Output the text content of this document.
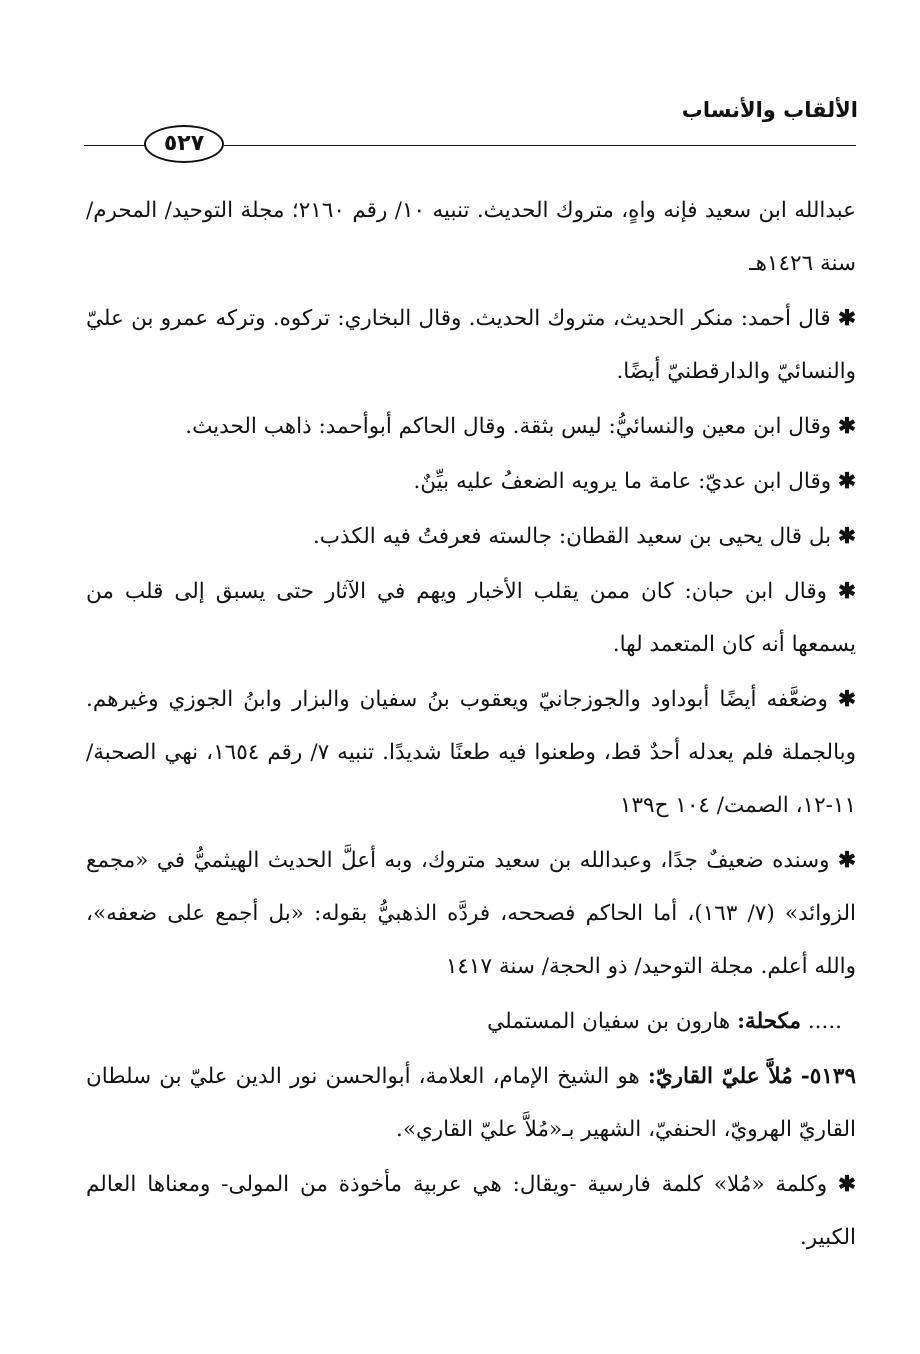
الألقاب والأنساب
٥٢٧

عبدالله ابن سعيد فإنه واهٍ، متروك الحديث. تنبيه ١٠/ رقم ٢١٦٠؛ مجلة التوحيد/ المحرم/ سنة ١٤٢٦هـ

✱ قال أحمد: منكر الحديث، متروك الحديث. وقال البخاري: تركوه. وتركه عمرو بن عليّ والنسائيّ والدارقطنيّ أيضًا.

✱ وقال ابن معين والنسائيُّ: ليس بثقة. وقال الحاكم أبوأحمد: ذاهب الحديث.

✱ وقال ابن عديّ: عامة ما يرويه الضعفُ عليه بيِّنٌ.

✱ بل قال يحيى بن سعيد القطان: جالسته فعرفتُ فيه الكذب.

✱ وقال ابن حبان: كان ممن يقلب الأخبار ويهم في الآثار حتى يسبق إلى قلب من يسمعها أنه كان المتعمد لها.

✱ وضعَّفه أيضًا أبوداود والجوزجانيّ ويعقوب بنُ سفيان والبزار وابنُ الجوزي وغيرهم. وبالجملة فلم يعدله أحدٌ قط، وطعنوا فيه طعنًا شديدًا. تنبيه ٧/ رقم ١٦٥٤، نهي الصحبة/ ١١-١٢، الصمت/ ١٠٤ ح١٣٩

✱ وسنده ضعيفٌ جدًا، وعبدالله بن سعيد متروك، وبه أعلَّ الحديث الهيثميُّ في «مجمع الزوائد» (٧/ ١٦٣)، أما الحاكم فصححه، فردَّه الذهبيُّ بقوله: «بل أجمع على ضعفه»، والله أعلم. مجلة التوحيد/ ذو الحجة/ سنة ١٤١٧

..... مكحلة: هارون بن سفيان المستملي

٥١٣٩- مُلاَّ عليّ القاريّ: هو الشيخ الإمام، العلامة، أبوالحسن نور الدين عليّ بن سلطان القاريّ الهرويّ، الحنفيّ، الشهير بـ«مُلاَّ عليّ القاري».

✱ وكلمة «مُلا» كلمة فارسية -ويقال: هي عربية مأخوذة من المولى- ومعناها العالم الكبير.
